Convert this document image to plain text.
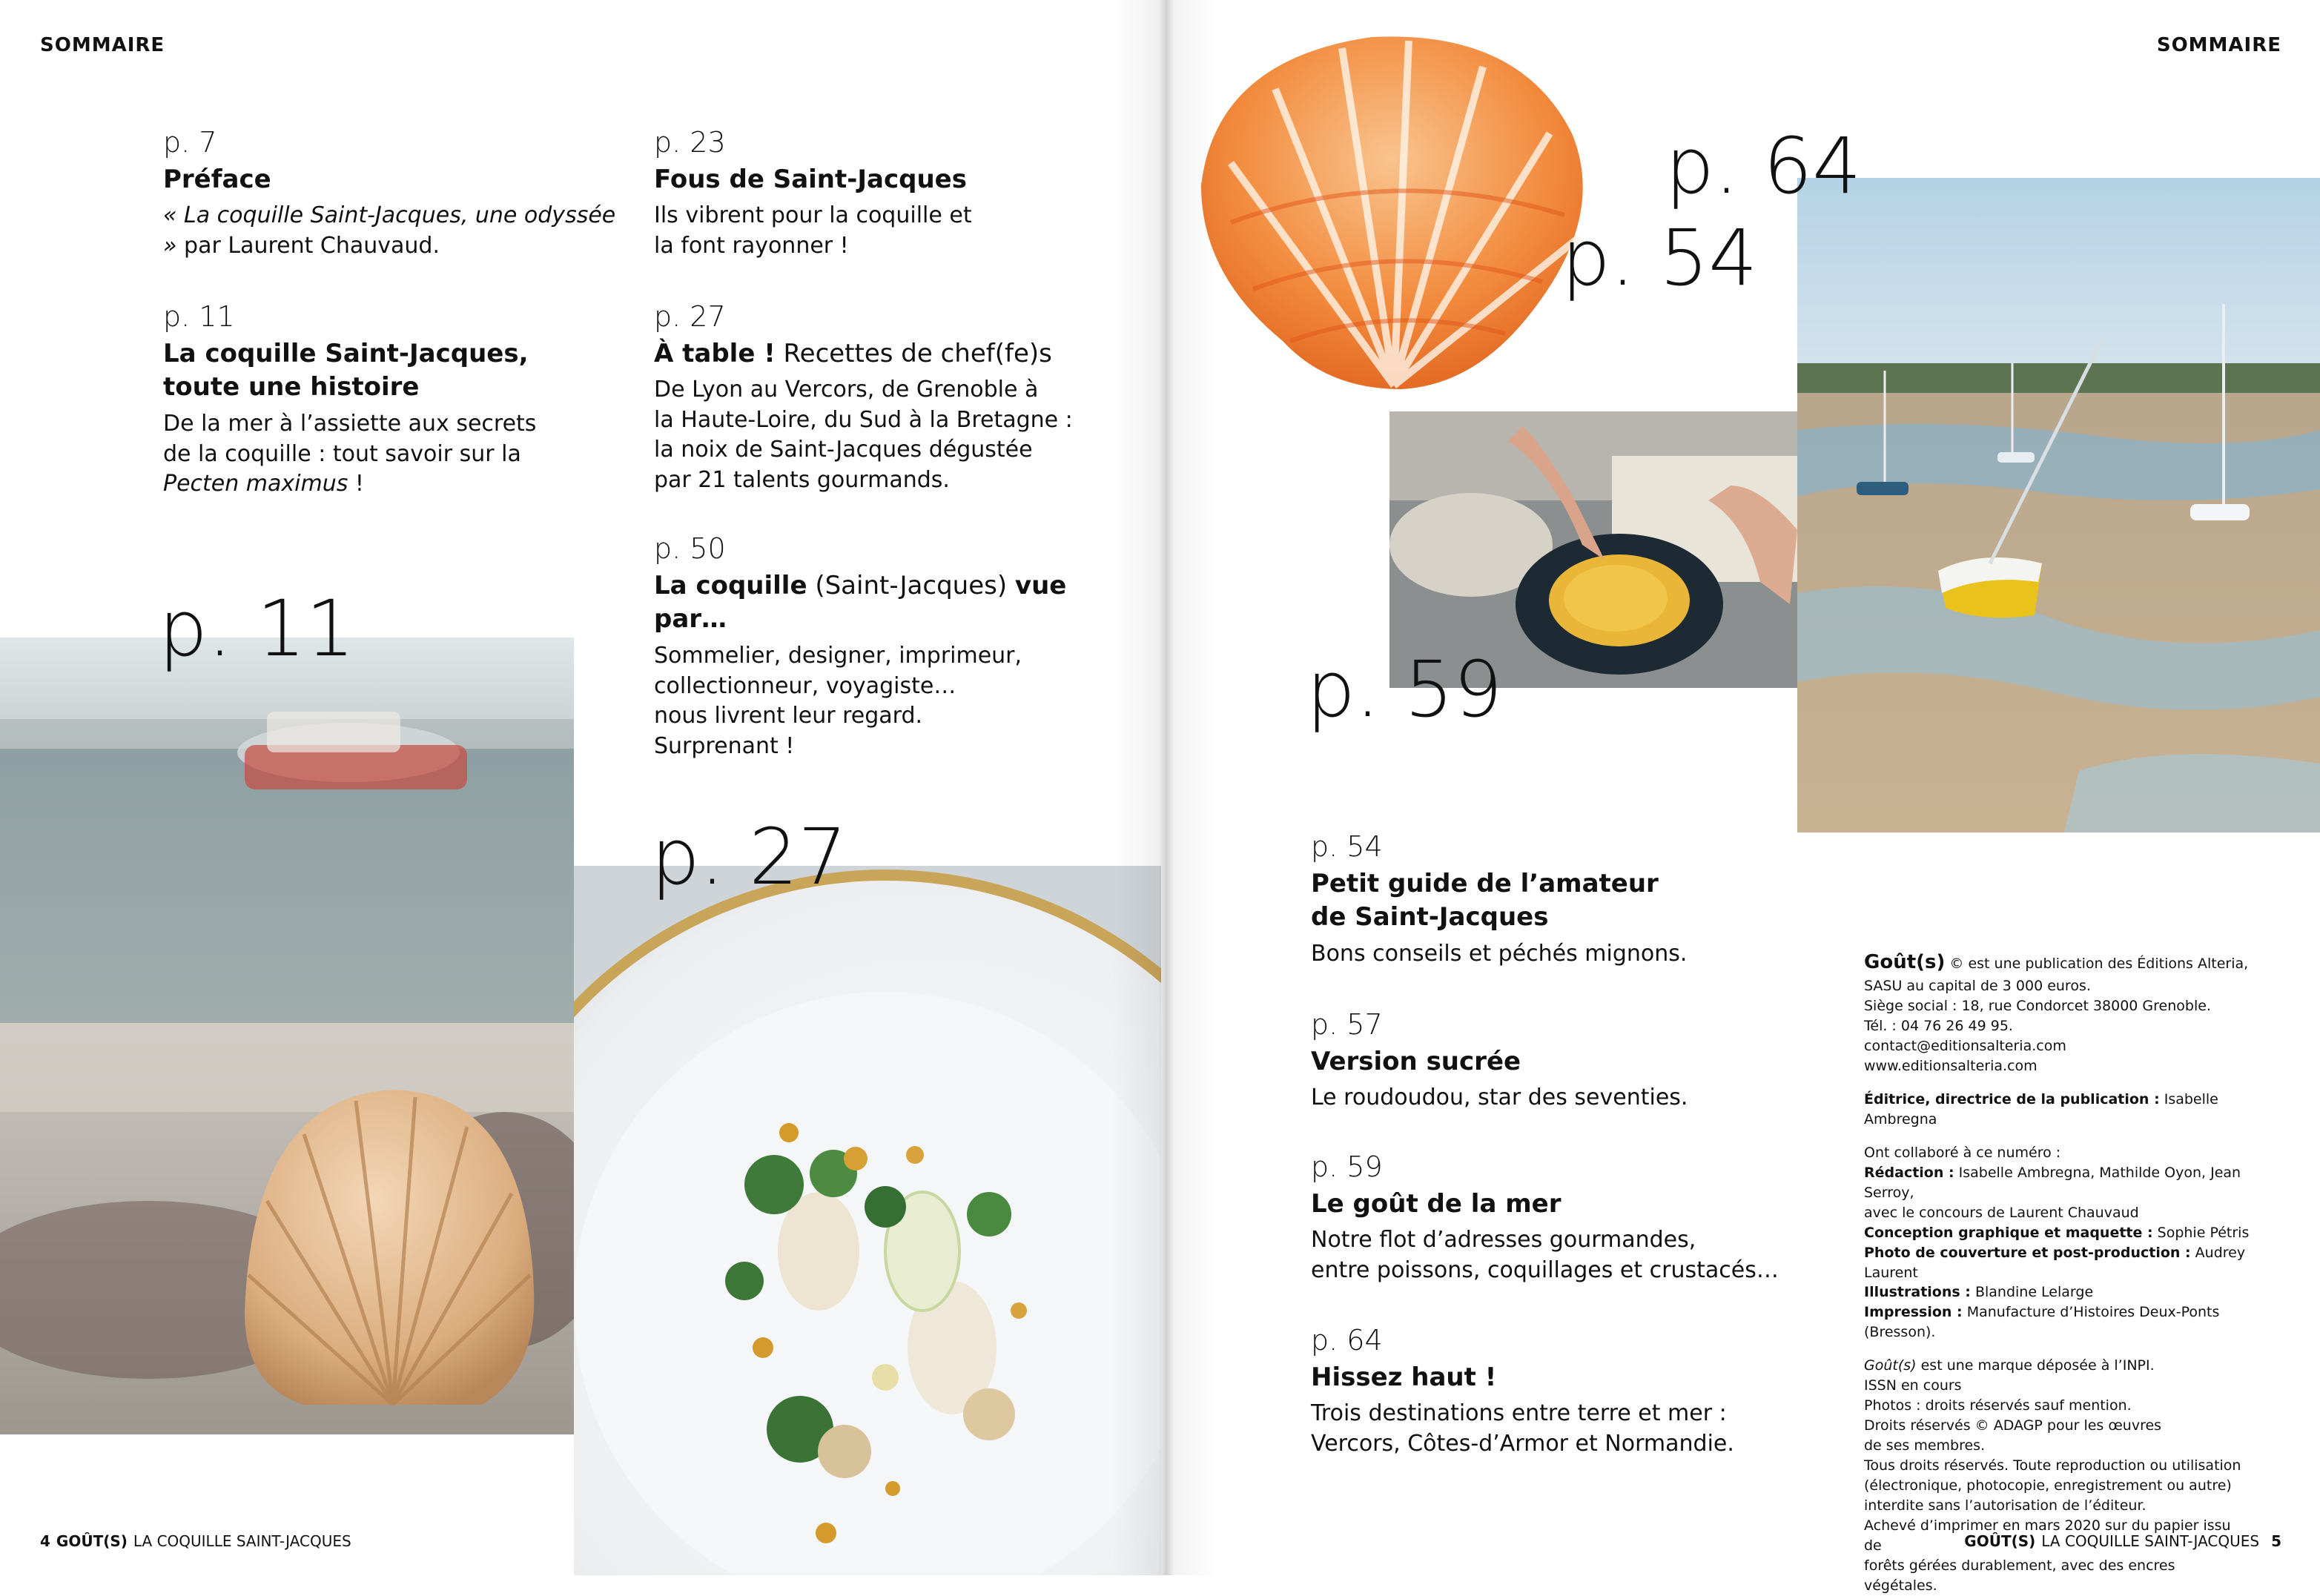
SOMMAIRE

p. 7

Préface

« La coquille Saint-Jacques, une odyssée » par Laurent Chauvaud.

p. 11

La coquille Saint-Jacques,
toute une histoire

De la mer à l’assiette aux secrets
de la coquille : tout savoir sur la
Pecten maximus !

p. 23

Fous de Saint-Jacques

Ils vibrent pour la coquille et
la font rayonner !

p. 27

À table ! Recettes de chef(fe)s

De Lyon au Vercors, de Grenoble à
la Haute-Loire, du Sud à la Bretagne :
la noix de Saint-Jacques dégustée
par 21 talents gourmands.

p. 50

La coquille (Saint-Jacques) vue par…

Sommelier, designer, imprimeur,
collectionneur, voyagiste…
nous livrent leur regard.
Surprenant !

p. 11
p. 27
4 GOÛT(S) LA COQUILLE SAINT-JACQUES
SOMMAIRE
p. 54
p. 59
p. 64

p. 54

Petit guide de l’amateur
de Saint-Jacques

Bons conseils et péchés mignons.

p. 57

Version sucrée

Le roudoudou, star des seventies.

p. 59

Le goût de la mer

Notre flot d’adresses gourmandes,
entre poissons, coquillages et crustacés…

p. 64

Hissez haut !

Trois destinations entre terre et mer :
Vercors, Côtes-d’Armor et Normandie.

GOÛT(S) LA COQUILLE SAINT-JACQUES 5

Goût(s) © est une publication des Éditions Alteria,

SASU au capital de 3 000 euros.

Siège social : 18, rue Condorcet 38000 Grenoble.

Tél. : 04 76 26 49 95.

contact@editionsalteria.com

www.editionsalteria.com

Éditrice, directrice de la publication : Isabelle Ambregna

Ont collaboré à ce numéro :

Rédaction : Isabelle Ambregna, Mathilde Oyon, Jean Serroy,

avec le concours de Laurent Chauvaud

Conception graphique et maquette : Sophie Pétris

Photo de couverture et post-production : Audrey Laurent

Illustrations : Blandine Lelarge

Impression : Manufacture d’Histoires Deux-Ponts

(Bresson).

Goût(s) est une marque déposée à l’INPI.

ISSN en cours

Photos : droits réservés sauf mention.

Droits réservés © ADAGP pour les œuvres

de ses membres.

Tous droits réservés. Toute reproduction ou utilisation

(électronique, photocopie, enregistrement ou autre)

interdite sans l’autorisation de l’éditeur.

Achevé d’imprimer en mars 2020 sur du papier issu de

forêts gérées durablement, avec des encres végétales.
